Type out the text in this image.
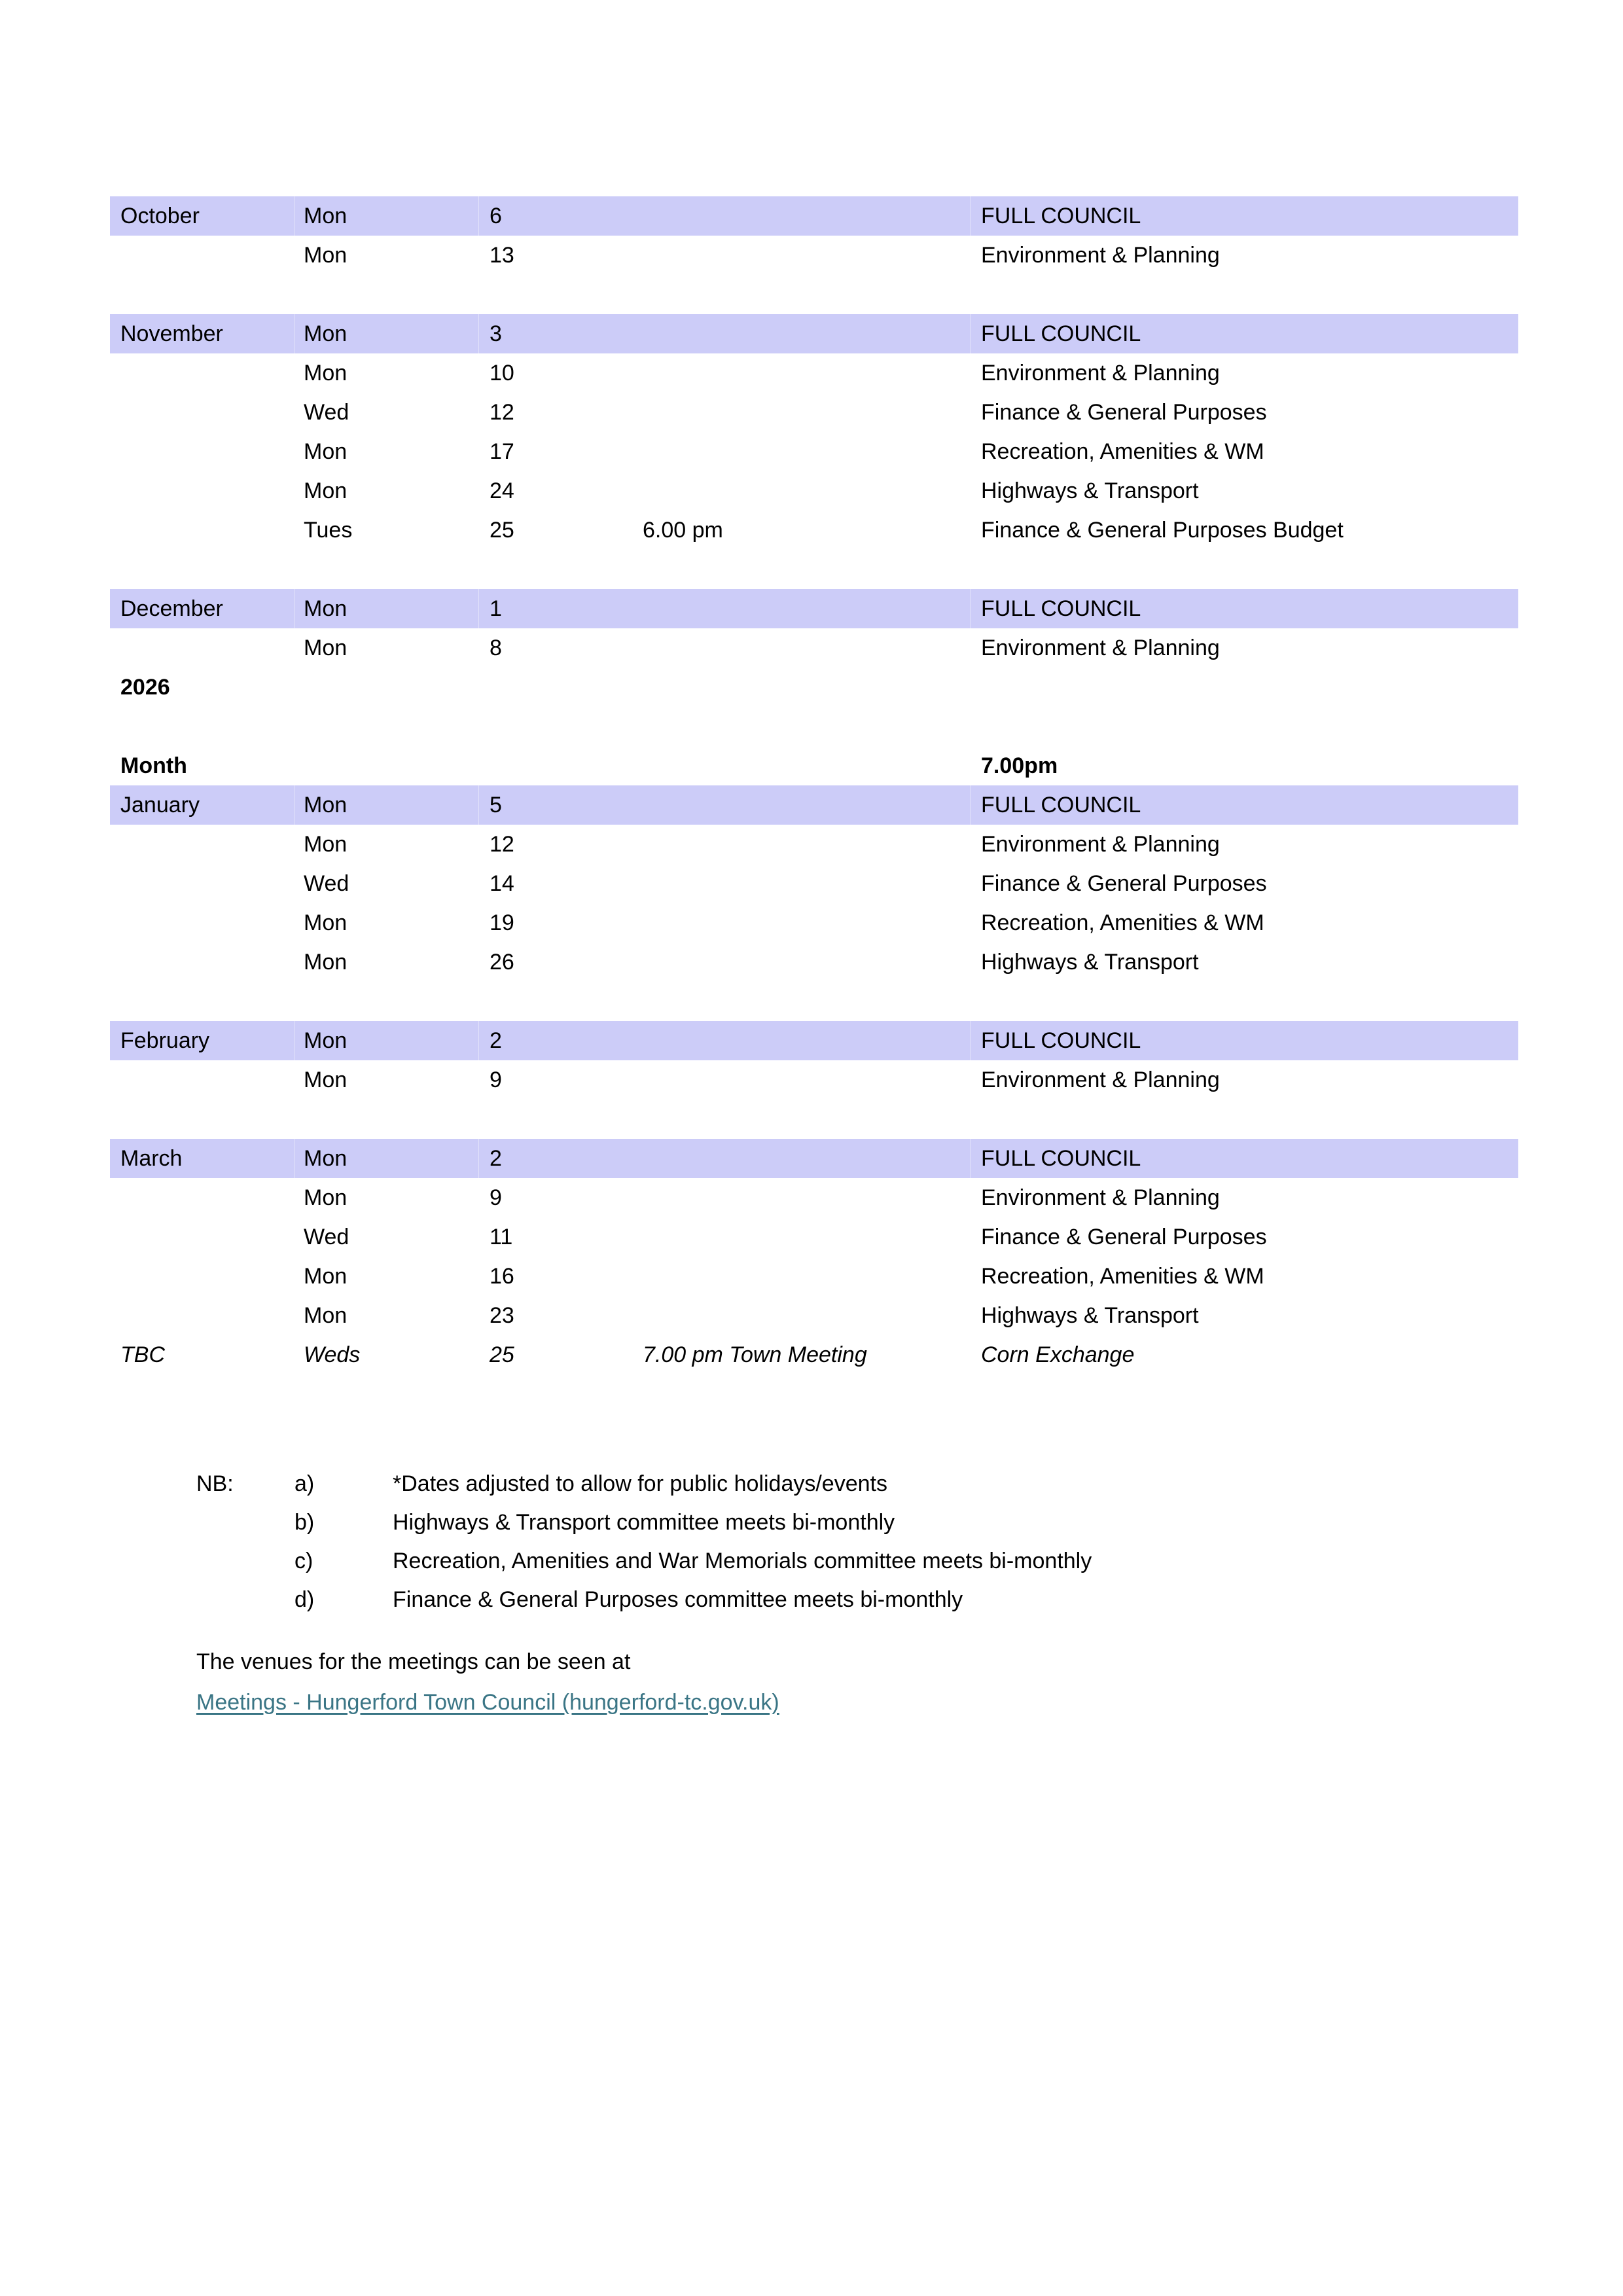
October	Mon	6		FULL COUNCIL
	Mon	13		Environment & Planning

November	Mon	3		FULL COUNCIL
	Mon	10		Environment & Planning
	Wed	12		Finance & General Purposes
	Mon	17		Recreation, Amenities & WM
	Mon	24		Highways & Transport
	Tues	25	6.00 pm	Finance & General Purposes Budget

December	Mon	1		FULL COUNCIL
	Mon	8		Environment & Planning
2026				

Month				7.00pm
January	Mon	5		FULL COUNCIL
	Mon	12		Environment & Planning
	Wed	14		Finance & General Purposes
	Mon	19		Recreation, Amenities & WM
	Mon	26		Highways & Transport

February	Mon	2		FULL COUNCIL
	Mon	9		Environment & Planning

March	Mon	2		FULL COUNCIL
	Mon	9		Environment & Planning
	Wed	11		Finance & General Purposes
	Mon	16		Recreation, Amenities & WM
	Mon	23		Highways & Transport
TBC	Weds	25	7.00 pm Town Meeting	Corn Exchange
NB:	a)	*Dates adjusted to allow for public holidays/events
b)	Highways & Transport committee meets bi-monthly
c)	Recreation, Amenities and War Memorials committee meets bi-monthly
d)	Finance & General Purposes committee meets bi-monthly
The venues for the meetings can be seen at
Meetings - Hungerford Town Council (hungerford-tc.gov.uk)
